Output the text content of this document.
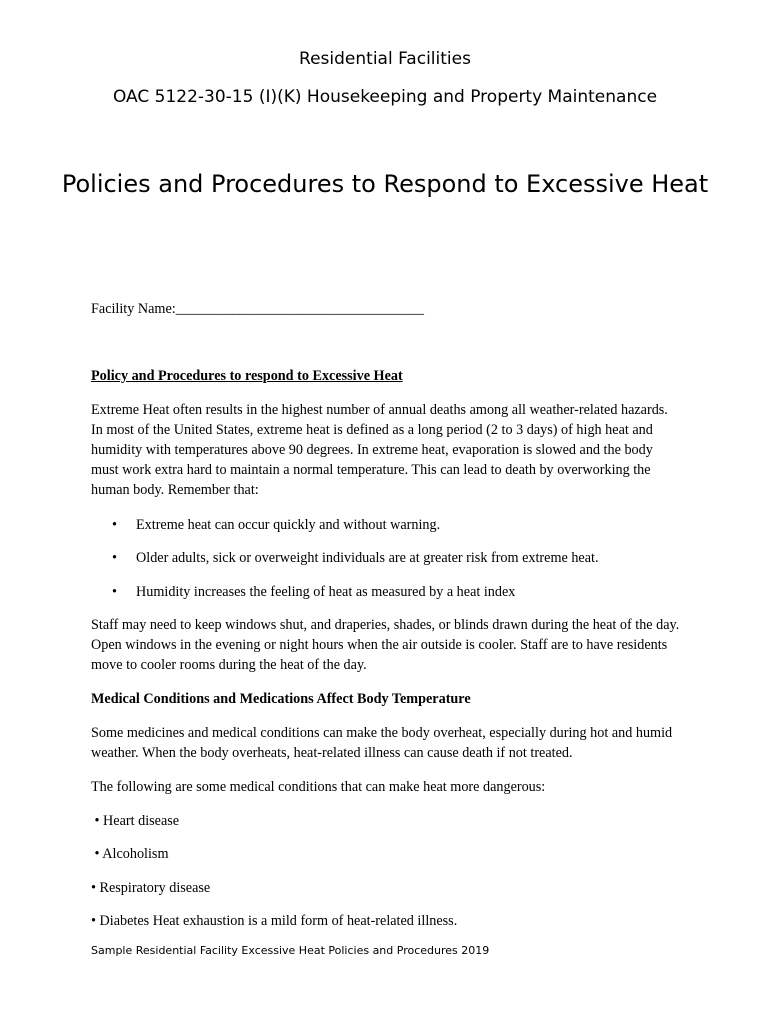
Residential Facilities
OAC 5122-30-15 (I)(K) Housekeeping and Property Maintenance
Policies and Procedures to Respond to Excessive Heat
Facility Name:___________________________________
Policy and Procedures to respond to Excessive Heat
Extreme Heat often results in the highest number of annual deaths among all weather-related hazards. In most of the United States, extreme heat is defined as a long period (2 to 3 days) of high heat and humidity with temperatures above 90 degrees. In extreme heat, evaporation is slowed and the body must work extra hard to maintain a normal temperature. This can lead to death by overworking the human body. Remember that:
• Extreme heat can occur quickly and without warning.
• Older adults, sick or overweight individuals are at greater risk from extreme heat.
• Humidity increases the feeling of heat as measured by a heat index
Staff may need to keep windows shut, and draperies, shades, or blinds drawn during the heat of the day. Open windows in the evening or night hours when the air outside is cooler. Staff are to have residents move to cooler rooms during the heat of the day.
Medical Conditions and Medications Affect Body Temperature
Some medicines and medical conditions can make the body overheat, especially during hot and humid weather. When the body overheats, heat-related illness can cause death if not treated.
The following are some medical conditions that can make heat more dangerous:
• Heart disease
• Alcoholism
• Respiratory disease
• Diabetes Heat exhaustion is a mild form of heat-related illness.
Sample Residential Facility Excessive Heat Policies and Procedures 2019
